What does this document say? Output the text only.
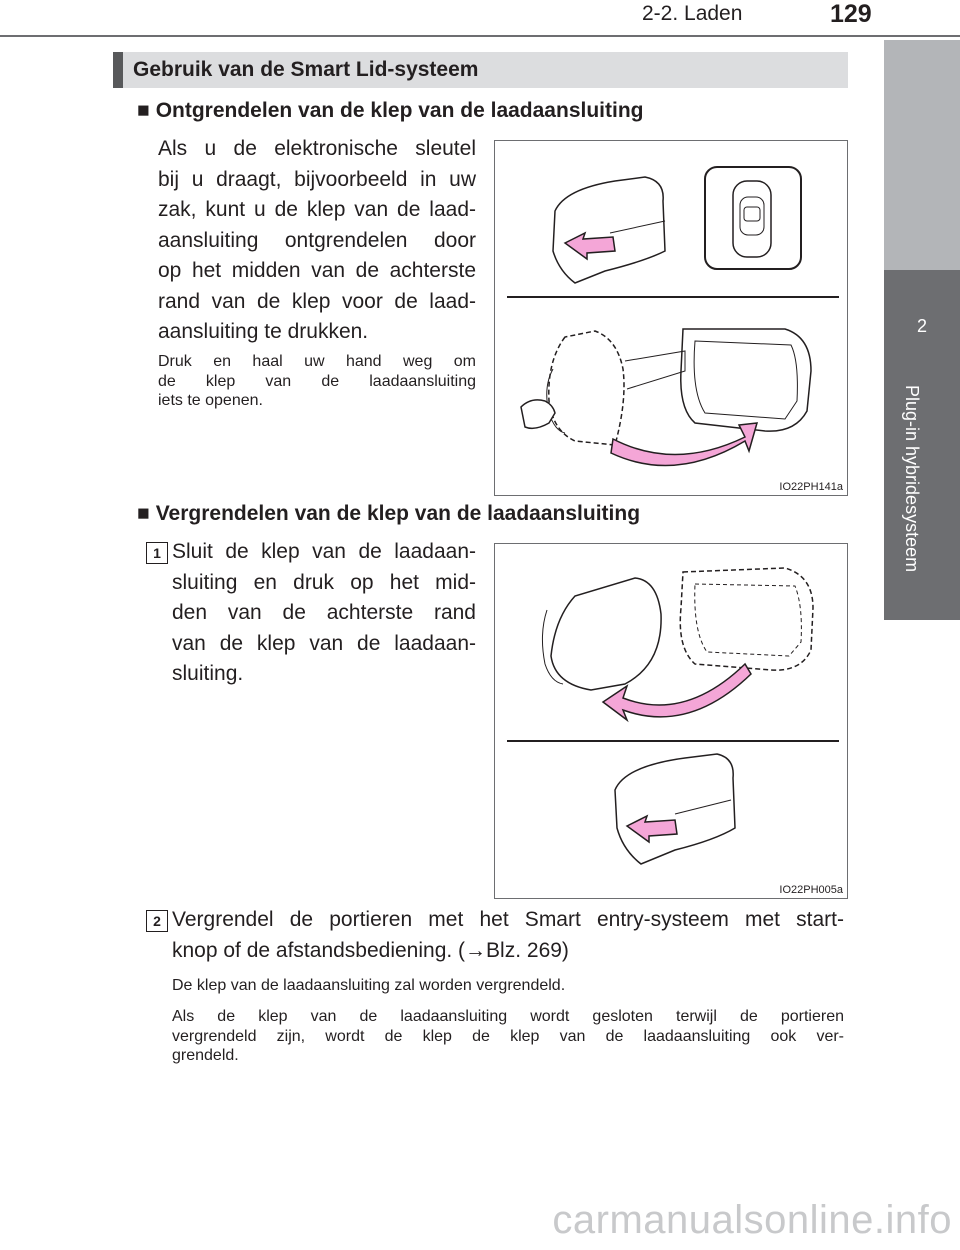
2-2. Laden	129
2
Plug-in hybridesysteem
Gebruik van de Smart Lid-systeem
■ Ontgrendelen van de klep van de laadaansluiting
Als u de elektronische sleutel
bij u draagt, bijvoorbeeld in uw
zak, kunt u de klep van de laad-
aansluiting ontgrendelen door
op het midden van de achterste
rand van de klep voor de laad-
aansluiting te drukken.
Druk en haal uw hand weg om
de klep van de laadaansluiting
iets te openen.
IO22PH141a
■ Vergrendelen van de klep van de laadaansluiting
1 Sluit de klep van de laadaan-
sluiting en druk op het mid-
den van de achterste rand
van de klep van de laadaan-
sluiting.
IO22PH005a
2 Vergrendel de portieren met het Smart entry-systeem met start-
knop of de afstandsbediening. (→Blz. 269)
De klep van de laadaansluiting zal worden vergrendeld.
Als de klep van de laadaansluiting wordt gesloten terwijl de portieren
vergrendeld zijn, wordt de klep de klep van de laadaansluiting ook ver-
grendeld.
carmanualsonline.info
